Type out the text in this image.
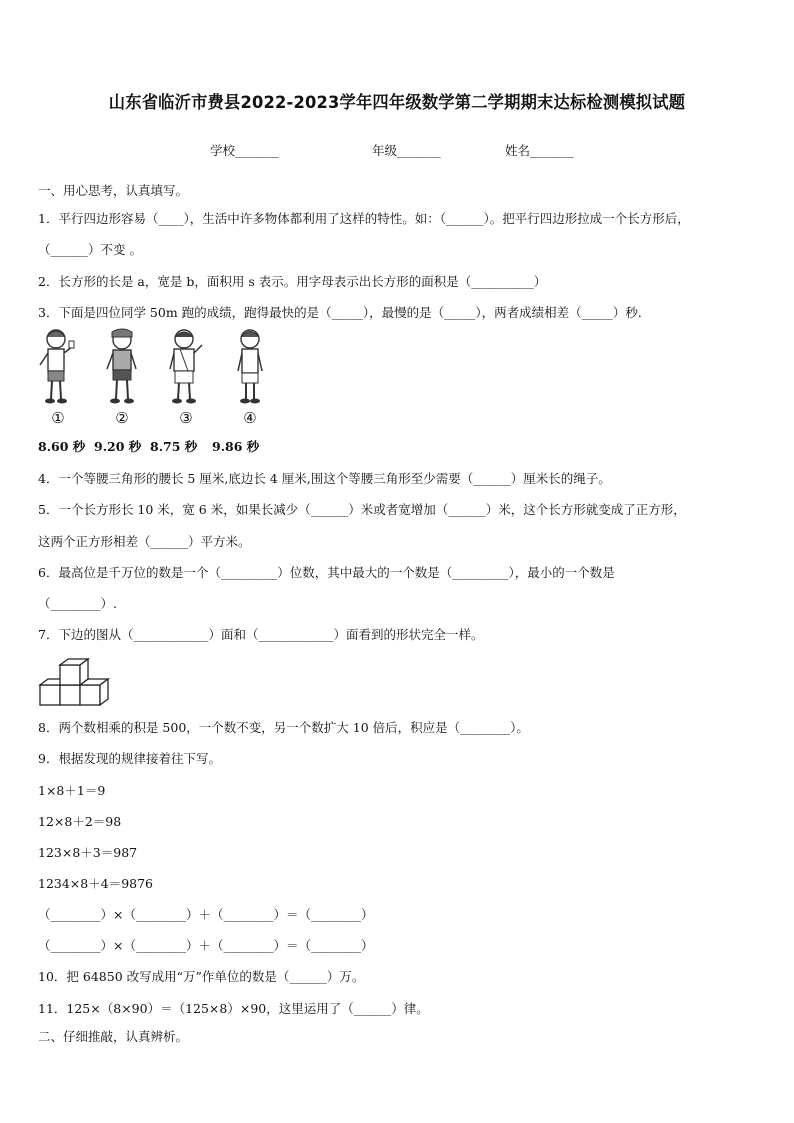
山东省临沂市费县2022-2023学年四年级数学第二学期期末达标检测模拟试题
学校_______	年级_______	姓名_______
一、用心思考，认真填写。
1．平行四边形容易（____），生活中许多物体都利用了这样的特性。如：（______）。把平行四边形拉成一个长方形后，
（______）不变 。
2．长方形的长是 a，宽是 b，面积用 s 表示。用字母表示出长方形的面积是（__________）
3．下面是四位同学 50m 跑的成绩，跑得最快的是（_____），最慢的是（_____），两者成绩相差（_____）秒．
①	②	③	④
8.60 秒 9.20 秒 8.75 秒 9.86 秒
4．一个等腰三角形的腰长 5 厘米,底边长 4 厘米,围这个等腰三角形至少需要（______）厘米长的绳子。
5．一个长方形长 10 米，宽 6 米，如果长减少（______）米或者宽增加（______）米，这个长方形就变成了正方形，
这两个正方形相差（______）平方米。
6．最高位是千万位的数是一个（_________）位数，其中最大的一个数是（_________），最小的一个数是
（________）.
7．下边的图从（____________）面和（____________）面看到的形状完全一样。
8．两个数相乘的积是 500，一个数不变，另一个数扩大 10 倍后，积应是（________）。
9．根据发现的规律接着往下写。
1×8＋1＝9
12×8＋2＝98
123×8＋3＝987
1234×8＋4＝9876
（________）×（________）＋（________）＝（________）
（________）×（________）＋（________）＝（________）
10．把 64850 改写成用“万”作单位的数是（______）万。
11．125×（8×90）＝（125×8）×90，这里运用了（______）律。
二、仔细推敲，认真辨析。
